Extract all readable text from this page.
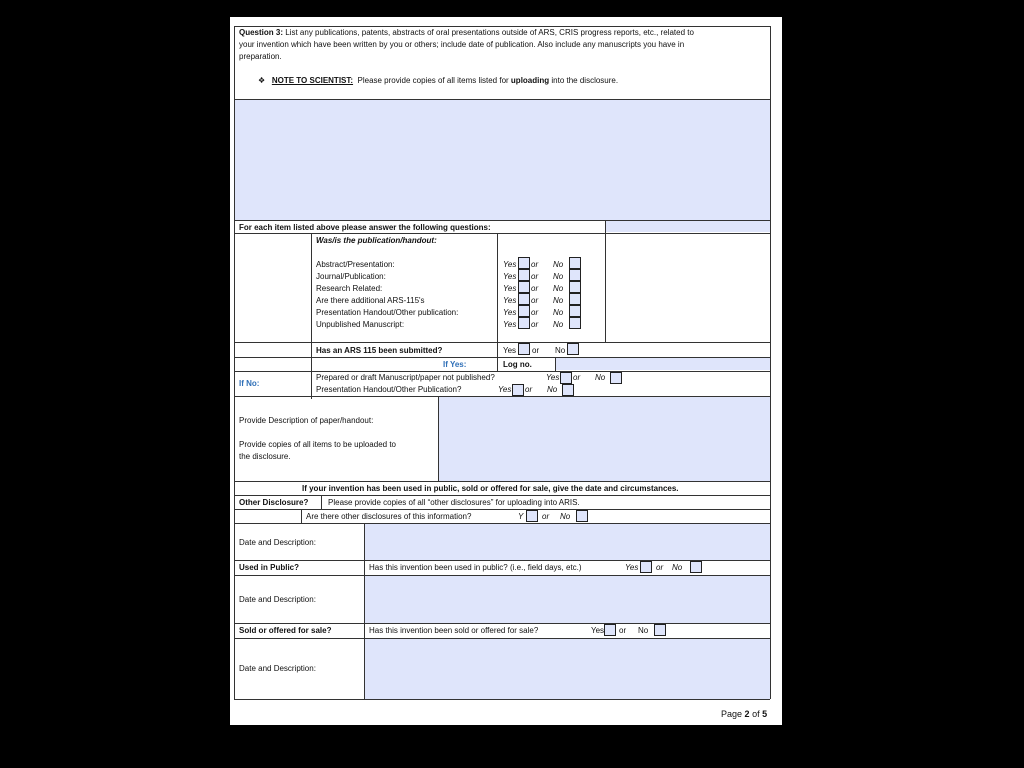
Question 3: List any publications, patents, abstracts of oral presentations outside of ARS, CRIS progress reports, etc., related to
your invention which have been written by you or others; include date of publication. Also include any manuscripts you have in
preparation.
❖ NOTE TO SCIENTIST: Please provide copies of all items listed for uploading into the disclosure.
For each item listed above please answer the following questions:
Was/is the publication/handout:
Abstract/Presentation:	Yes or No
Journal/Publication:	Yes or No
Research Related:	Yes or No
Are there additional ARS-115's	Yes or No
Presentation Handout/Other publication:	Yes or No
Unpublished Manuscript:	Yes or No
Has an ARS 115 been submitted?	Yes or No
If Yes:	Log no.
If No:
Prepared or draft Manuscript/paper not published?	Yes or No
Presentation Handout/Other Publication?	Yes or No
Provide Description of paper/handout:
Provide copies of all items to be uploaded to
the disclosure.
If your invention has been used in public, sold or offered for sale, give the date and circumstances.
Other Disclosure? Please provide copies of all “other disclosures” for uploading into ARIS.
Are there other disclosures of this information?	Y or No
Date and Description:
Used in Public?	Has this invention been used in public? (i.e., field days, etc.)	Yes or No
Date and Description:
Sold or offered for sale?	Has this invention been sold or offered for sale?	Yes or No
Date and Description:
Page 2 of 5
